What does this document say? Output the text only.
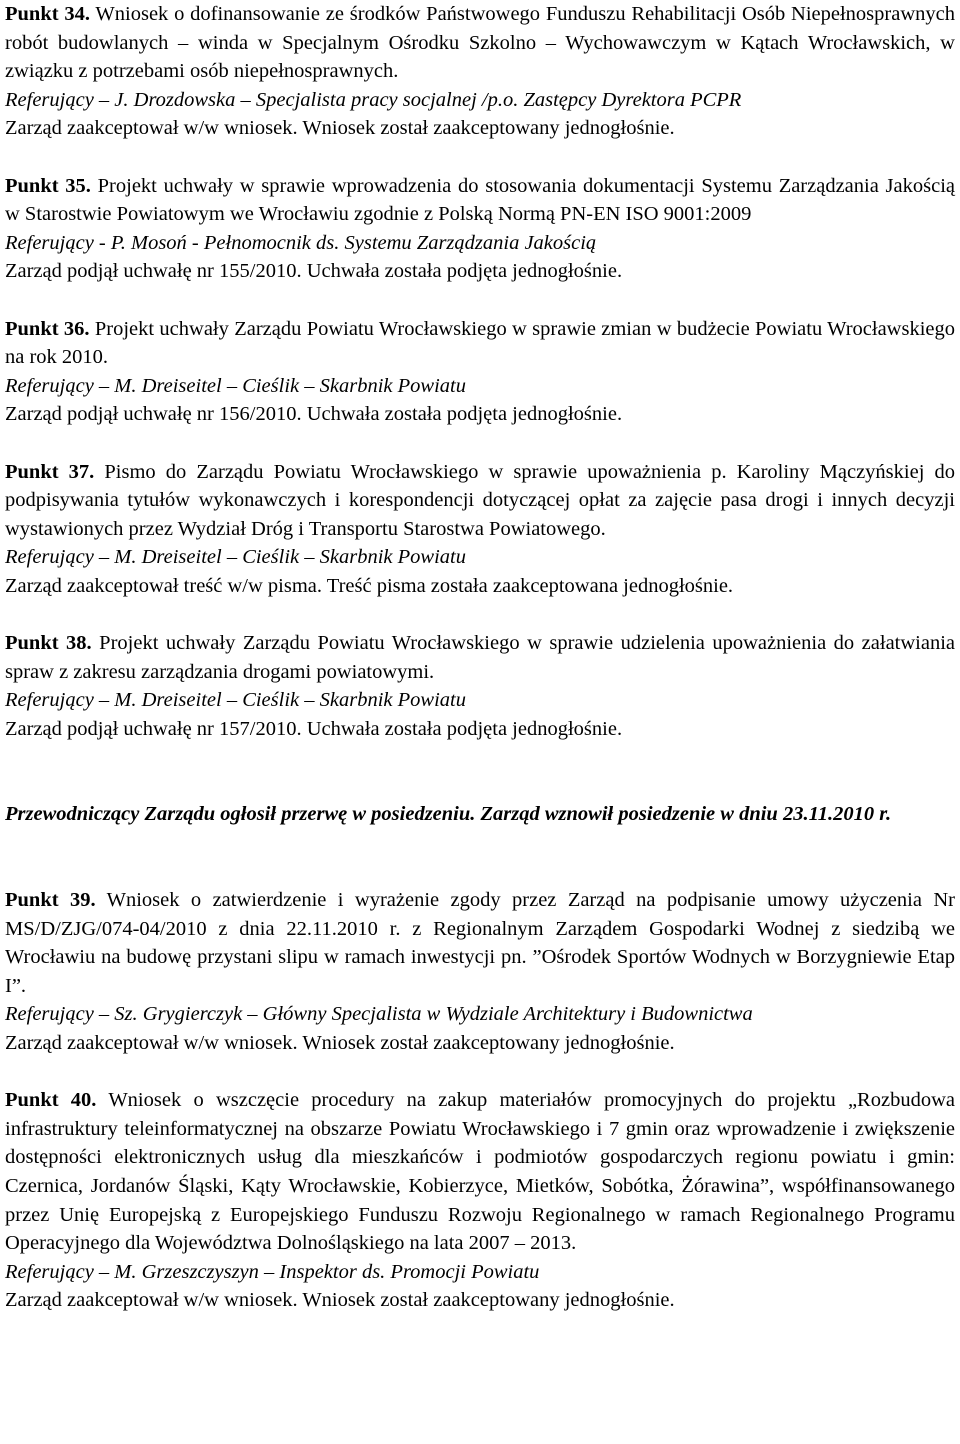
Punkt 34. Wniosek o dofinansowanie ze środków Państwowego Funduszu Rehabilitacji Osób Niepełnosprawnych robót budowlanych – winda w Specjalnym Ośrodku Szkolno – Wychowawczym w Kątach Wrocławskich, w związku z potrzebami osób niepełnosprawnych.

Referujący – J. Drozdowska – Specjalista pracy socjalnej /p.o. Zastępcy Dyrektora PCPR

Zarząd zaakceptował w/w wniosek. Wniosek został zaakceptowany jednogłośnie.

Punkt 35. Projekt uchwały w sprawie wprowadzenia do stosowania dokumentacji Systemu Zarządzania Jakością w Starostwie Powiatowym we Wrocławiu zgodnie z Polską Normą PN-EN ISO 9001:2009

Referujący - P. Mosoń - Pełnomocnik ds. Systemu Zarządzania Jakością

Zarząd podjął uchwałę nr 155/2010. Uchwała została podjęta jednogłośnie.

Punkt 36. Projekt uchwały Zarządu Powiatu Wrocławskiego w sprawie zmian w budżecie Powiatu Wrocławskiego na rok 2010.

Referujący – M. Dreiseitel – Cieślik – Skarbnik Powiatu

Zarząd podjął uchwałę nr 156/2010. Uchwała została podjęta jednogłośnie.

Punkt 37. Pismo do Zarządu Powiatu Wrocławskiego w sprawie upoważnienia p. Karoliny Mączyńskiej do podpisywania tytułów wykonawczych i korespondencji dotyczącej opłat za zajęcie pasa drogi i innych decyzji wystawionych przez Wydział Dróg i Transportu Starostwa Powiatowego.

Referujący – M. Dreiseitel – Cieślik – Skarbnik Powiatu

Zarząd zaakceptował treść w/w pisma. Treść pisma została zaakceptowana jednogłośnie.

Punkt 38. Projekt uchwały Zarządu Powiatu Wrocławskiego w sprawie udzielenia upoważnienia do załatwiania spraw z zakresu zarządzania drogami powiatowymi.

Referujący – M. Dreiseitel – Cieślik – Skarbnik Powiatu

Zarząd podjął uchwałę nr 157/2010. Uchwała została podjęta jednogłośnie.

Przewodniczący Zarządu ogłosił przerwę w posiedzeniu. Zarząd wznowił posiedzenie w dniu 23.11.2010 r.

Punkt 39. Wniosek o zatwierdzenie i wyrażenie zgody przez Zarząd na podpisanie umowy użyczenia Nr MS/D/ZJG/074-04/2010 z dnia 22.11.2010 r. z Regionalnym Zarządem Gospodarki Wodnej z siedzibą we Wrocławiu na budowę przystani slipu w ramach inwestycji pn. ”Ośrodek Sportów Wodnych w Borzygniewie Etap I”.

Referujący – Sz. Grygierczyk – Główny Specjalista w Wydziale Architektury i Budownictwa

Zarząd zaakceptował w/w wniosek. Wniosek został zaakceptowany jednogłośnie.

Punkt 40. Wniosek o wszczęcie procedury na zakup materiałów promocyjnych do projektu „Rozbudowa infrastruktury teleinformatycznej na obszarze Powiatu Wrocławskiego i 7 gmin oraz wprowadzenie i zwiększenie dostępności elektronicznych usług dla mieszkańców i podmiotów gospodarczych regionu powiatu i gmin: Czernica, Jordanów Śląski, Kąty Wrocławskie, Kobierzyce, Mietków, Sobótka, Żórawina”, współfinansowanego przez Unię Europejską z Europejskiego Funduszu Rozwoju Regionalnego w ramach Regionalnego Programu Operacyjnego dla Województwa Dolnośląskiego na lata 2007 – 2013.

Referujący – M. Grzeszczyszyn – Inspektor ds. Promocji Powiatu

Zarząd zaakceptował w/w wniosek. Wniosek został zaakceptowany jednogłośnie.
